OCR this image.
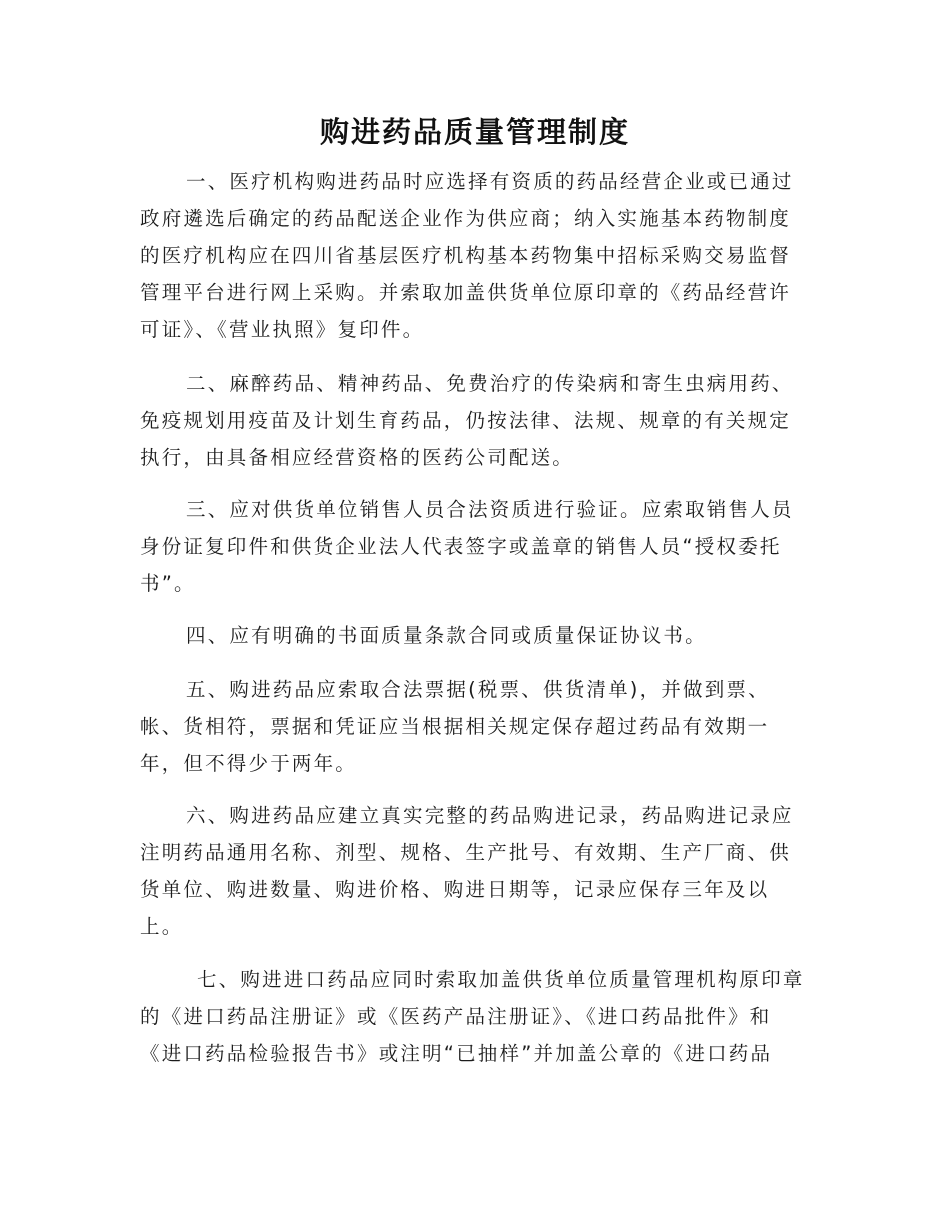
购进药品质量管理制度
一、医疗机构购进药品时应选择有资质的药品经营企业或已通过
政府遴选后确定的药品配送企业作为供应商；纳入实施基本药物制度
的医疗机构应在四川省基层医疗机构基本药物集中招标采购交易监督
管理平台进行网上采购。并索取加盖供货单位原印章的《药品经营许
可证》、《营业执照》复印件。
二、麻醉药品、精神药品、免费治疗的传染病和寄生虫病用药、
免疫规划用疫苗及计划生育药品，仍按法律、法规、规章的有关规定
执行，由具备相应经营资格的医药公司配送。
三、应对供货单位销售人员合法资质进行验证。应索取销售人员
身份证复印件和供货企业法人代表签字或盖章的销售人员“授权委托
书”。
四、应有明确的书面质量条款合同或质量保证协议书。
五、购进药品应索取合法票据(税票、供货清单)，并做到票、
帐、货相符，票据和凭证应当根据相关规定保存超过药品有效期一
年，但不得少于两年。
六、购进药品应建立真实完整的药品购进记录，药品购进记录应
注明药品通用名称、剂型、规格、生产批号、有效期、生产厂商、供
货单位、购进数量、购进价格、购进日期等，记录应保存三年及以
上。
七、购进进口药品应同时索取加盖供货单位质量管理机构原印章
的《进口药品注册证》或《医药产品注册证》、《进口药品批件》和
《进口药品检验报告书》或注明“已抽样”并加盖公章的《进口药品
